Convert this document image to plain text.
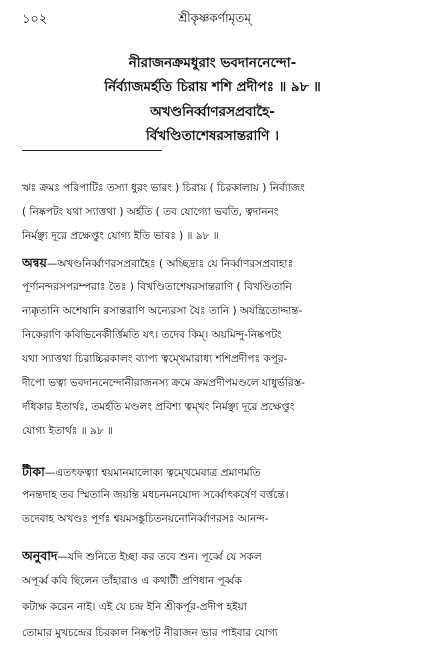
১০২	শ্রীকৃষ্ণকর্ণামৃতম্
নীরাজনক্রমধুরাং ভবদাননেন্দো-
র্নির্ব্যাজমর্হতি চিরায় শশি প্রদীপঃ ॥ ৯৮ ॥
অখণ্ডনির্ব্বাণরসপ্রবাহৈ-
র্বিখণ্ডিতাশেষরসান্তরাণি ।
ঋঃ ক্রমঃ পরিপাটিঃ তস্যা ধুরং ভারং ) চিরায় ( চিরকালায় ) নির্ব্যাজং
( নিষ্কপটং যথা স্যাত্তথা ) অর্হতি ( তব যোগ্যো ভবতি, ত্বদাননং
নির্মঞ্ছ্য দূরে প্রক্ষেপ্তুং যোগ্য ইতি ভাবঃ ) ॥ ৯৮ ॥
অন্বয়—অখণ্ডনির্ব্বাণরসপ্রবাহৈঃ ( অচ্ছিদ্রাঃ যে নির্ব্বাণরসপ্রবাহাঃ
পূর্ণানন্দরসপরম্পরাঃ তৈঃ ) বিখণ্ডিতাশেষরসান্তরাণি ( বিখণ্ডিতানি
ন্যক্কৃতানি অশেষানি রসান্তরাণি অন্যেরসা যৈঃ তানি ) অযন্ত্রিতোদ্দান্ত-
নিকেরাণি কবিভিনেকীর্ত্তিমতি যৎ। তদেব কিম্। অয়মিন্দু-নিষ্কপটং
যথা স্যাত্তথা চিরাচ্চিরকালং ব্যাপ্য ত্বম্খেমারাধ্য শশিপ্রদীপঃ কপূর-
দীপো ভত্বা ভবদাননেন্দোনীরাজনস্য ক্রমে ক্রমপ্রদীপমণ্ডলে যাধুর্ভরিস্ত-
র্দধিকার ইতার্থঃ, তমর্হতি মণ্ডলং প্রবিশ্য ত্বম্খং নির্মঞ্ছ্য দূরে প্রক্ষেপ্তুং
যোগ্য ইতার্থঃ ॥ ৯৮ ॥
টীকা—এতৎফত্ব্যা শ্বয়মানমালোক্য ত্বম্খেমেবাত্র প্রমাণমতি
পনন্তদাহ তব স্মিতানি জয়ন্তি মধচনমনযোদ্য সর্ব্বোৎকর্ষেণ বর্ত্তন্তে।
তদেবাহ অখণ্ডঃ পূর্ণঃ শ্বয়মসঙ্কুচিতনয়নোনির্ব্বাণরসঃ আনন্দ-
অনুবাদ—যদি শুনিতে ইচ্ছা কর তবে শুন। পূর্ব্বে যে সকল
অপূর্ব্ব কবি ছিলেন তাঁহারাও এ কথাটী প্রণিধান পূর্ব্বক
কটাক্ষ করেন নাই। এই যে চন্দ্র ইনি শ্রীকর্পূর-প্রদীপ হইয়া
তোমার মুখচন্দ্রের চিরকাল নিষ্কপট নীরাজন ভার পাইবার যোগ্য
